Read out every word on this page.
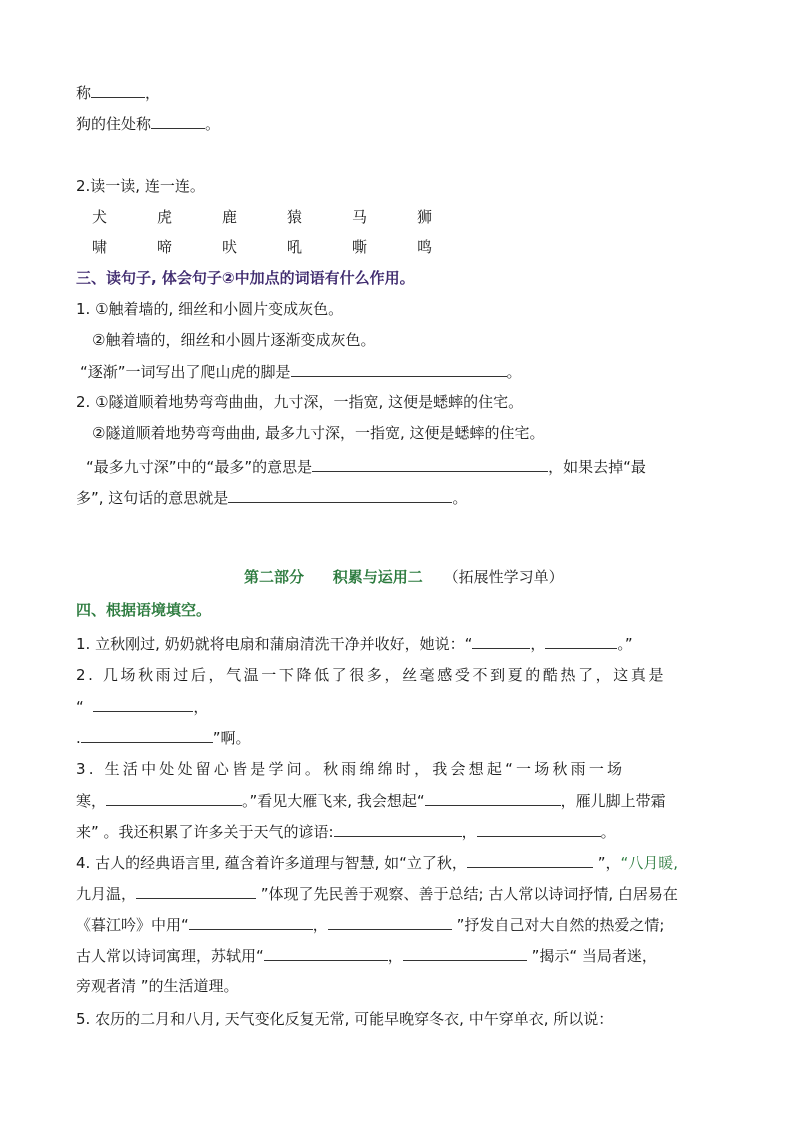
称	，
狗的住处称	。
2.读一读, 连一连。
犬	虎	鹿	猿	马	狮
啸	啼	吠	吼	嘶	鸣
三、读句子, 体会句子②中加点的词语有什么作用。
1. ①触着墙的, 细丝和小圆片变成灰色。
②触着墙的，细丝和小圆片逐渐变成灰色。
“逐渐”一词写出了爬山虎的脚是	。
2. ①隧道顺着地势弯弯曲曲，九寸深，一指宽, 这便是蟋蟀的住宅。
②隧道顺着地势弯弯曲曲, 最多九寸深，一指宽, 这便是蟋蟀的住宅。
“最多九寸深”中的“最多”的意思是	，如果去掉“最
多”, 这句话的意思就是	。
第二部分 积累与运用二 （拓展性学习单）
四、根据语境填空。
1. 立秋刚过, 奶奶就将电扇和蒲扇清洗干净并收好，她说：“	，	。”
2. 几场秋雨过后，气温一下降低了很多，丝毫感受不到夏的酷热了，这真是
“	，
.	”啊。
3. 生活中处处留心皆是学问。秋雨绵绵时，我会想起“一场秋雨一场
寒，	。”看见大雁飞来, 我会想起“	，雁儿脚上带霜
来” 。我还积累了许多关于天气的谚语:	，	。
4. 古人的经典语言里, 蕴含着许多道理与智慧, 如“立了秋，	”，“八月暖,
九月温，	”体现了先民善于观察、善于总结; 古人常以诗词抒情, 白居易在
《暮江吟》中用“	，	”抒发自己对大自然的热爱之情;
古人常以诗词寓理，苏轼用“	，	”揭示“ 当局者迷，
旁观者清 ”的生活道理。
5. 农历的二月和八月, 天气变化反复无常, 可能早晚穿冬衣, 中午穿单衣, 所以说：
